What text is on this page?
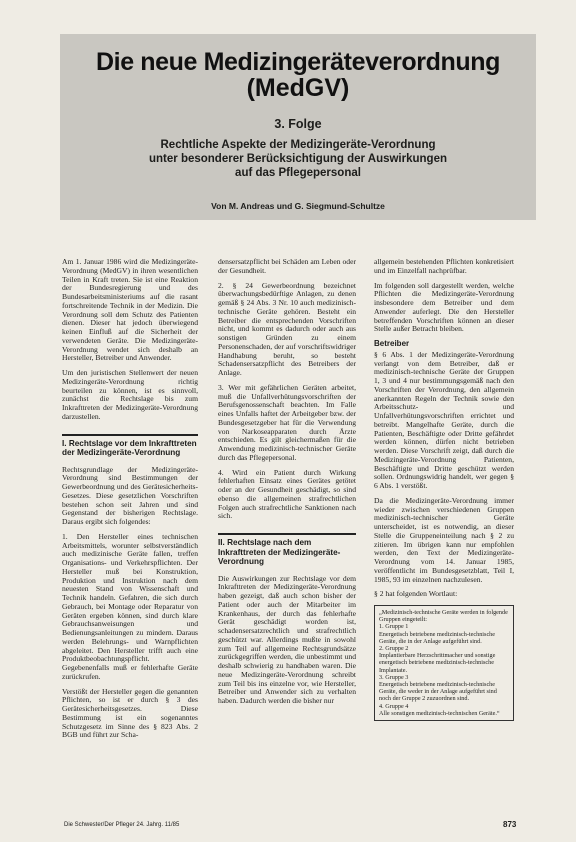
Die neue Medizingeräteverordnung
(MedGV)
3. Folge
Rechtliche Aspekte der Medizingeräte-Verordnung
unter besonderer Berücksichtigung der Auswirkungen
auf das Pflegepersonal
Von M. Andreas und G. Siegmund-Schultze

Am 1. Januar 1986 wird die Medizingeräte-Verordnung (MedGV) in ihren wesentlichen Teilen in Kraft treten. Sie ist eine Reaktion der Bundesregierung und des Bundesarbeitsministeriums auf die rasant fortschreitende Technik in der Medizin. Die Verordnung soll dem Schutz des Patienten dienen. Dieser hat jedoch überwiegend keinen Einfluß auf die Sicherheit der verwendeten Geräte. Die Medizingeräte-Verordnung wendet sich deshalb an Hersteller, Betreiber und Anwender.

Um den juristischen Stellenwert der neuen Medizingeräte-Verordnung richtig beurteilen zu können, ist es sinnvoll, zunächst die Rechtslage bis zum Inkrafttreten der Medizingeräte-Verordnung darzustellen.

I. Rechtslage vor dem Inkrafttreten der Medizingeräte-Verordnung

Rechtsgrundlage der Medizingeräte-Verordnung sind Bestimmungen der Gewerbeordnung und des Gerätesicherheits-Gesetzes. Diese gesetzlichen Vorschriften bestehen schon seit Jahren und sind Gegenstand der bisherigen Rechtslage. Daraus ergibt sich folgendes:

1. Den Hersteller eines technischen Arbeitsmittels, worunter selbstverständlich auch medizinische Geräte fallen, treffen Organisations- und Verkehrspflichten. Der Hersteller muß bei Konstruktion, Produktion und Instruktion nach dem neuesten Stand von Wissenschaft und Technik handeln. Gefahren, die sich durch Gebrauch, bei Montage oder Reparatur von Geräten ergeben können, sind durch klare Gebrauchsanweisungen und Bedienungsanleitungen zu mindern. Daraus werden Belehrungs- und Warnpflichten abgeleitet. Den Hersteller trifft auch eine Produktbeobachtungspflicht. Gegebenenfalls muß er fehlerhafte Geräte zurückrufen.

Verstößt der Hersteller gegen die genannten Pflichten, so ist er durch § 3 des Gerätesicherheitsgesetzes. Diese Bestimmung ist ein sogenanntes Schutzgesetz im Sinne des § 823 Abs. 2 BGB und führt zur Scha-

densersatzpflicht bei Schäden am Leben oder der Gesundheit.

2. § 24 Gewerbeordnung bezeichnet überwachungsbedürftige Anlagen, zu denen gemäß § 24 Abs. 3 Nr. 10 auch medizinisch-technische Geräte gehören. Besteht ein Betreiber die entsprechenden Vorschriften nicht, und kommt es dadurch oder auch aus sonstigen Gründen zu einem Personenschaden, der auf vorschriftswidriger Handhabung beruht, so besteht Schadensersatzpflicht des Betreibers der Anlage.

3. Wer mit gefährlichen Geräten arbeitet, muß die Unfallverhütungsvorschriften der Berufsgenossenschaft beachten. Im Falle eines Unfalls haftet der Arbeitgeber bzw. der Bundesgesetzgeber hat für die Verwendung von Narkoseapparaten durch Ärzte entschieden. Es gilt gleichermaßen für die Anwendung medizinisch-technischer Geräte durch das Pflegepersonal.

4. Wird ein Patient durch Wirkung fehlerhaften Einsatz eines Gerätes getötet oder an der Gesundheit geschädigt, so sind ebenso die allgemeinen strafrechtlichen Folgen auch strafrechtliche Sanktionen nach sich.

II. Rechtslage nach dem Inkrafttreten der Medizingeräte-Verordnung

Die Auswirkungen zur Rechtslage vor dem Inkrafttreten der Medizingeräte-Verordnung haben gezeigt, daß auch schon bisher der Patient oder auch der Mitarbeiter im Krankenhaus, der durch das fehlerhafte Gerät geschädigt worden ist, schadensersatzrechtlich und strafrechtlich geschützt war. Allerdings mußte in sowohl zum Teil auf allgemeine Rechtsgrundsätze zurückgegriffen werden, die unbestimmt und deshalb schwierig zu handhaben waren. Die neue Medizingeräte-Verordnung schreibt zum Teil bis ins einzelne vor, wie Hersteller, Betreiber und Anwender sich zu verhalten haben. Dadurch werden die bisher nur

allgemein bestehenden Pflichten konkretisiert und im Einzelfall nachprüfbar.

Im folgenden soll dargestellt werden, welche Pflichten die Medizingeräte-Verordnung insbesondere dem Betreiber und dem Anwender auferlegt. Die den Hersteller betreffenden Vorschriften können an dieser Stelle außer Betracht bleiben.

Betreiber

§ 6 Abs. 1 der Medizingeräte-Verordnung verlangt von dem Betreiber, daß er medizinisch-technische Geräte der Gruppen 1, 3 und 4 nur bestimmungsgemäß nach den Vorschriften der Verordnung, den allgemein anerkannten Regeln der Technik sowie den Arbeitsschutz- und Unfallverhütungsvorschriften errichtet und betreibt. Mangelhafte Geräte, durch die Patienten, Beschäftigte oder Dritte gefährdet werden können, dürfen nicht betrieben werden. Diese Vorschrift zeigt, daß durch die Medizingeräte-Verordnung Patienten, Beschäftigte und Dritte geschützt werden sollen. Ordnungswidrig handelt, wer gegen § 6 Abs. 1 verstößt.

Da die Medizingeräte-Verordnung immer wieder zwischen verschiedenen Gruppen medizinisch-technischer Geräte unterscheidet, ist es notwendig, an dieser Stelle die Gruppeneinteilung nach § 2 zu zitieren. Im übrigen kann nur empfohlen werden, den Text der Medizingeräte-Verordnung vom 14. Januar 1985, veröffentlicht im Bundesgesetzblatt, Teil I, 1985, 93 im einzelnen nachzulesen.

§ 2 hat folgenden Wortlaut:

„Medizinisch-technische Geräte werden in folgende Gruppen eingeteilt:
1. Gruppe 1
Energetisch betriebene medizinisch-technische Geräte, die in der Anlage aufgeführt sind.
2. Gruppe 2
Implantierbare Herzschrittmacher und sonstige energetisch betriebene medizinisch-technische Implantate.
3. Gruppe 3
Energetisch betriebene medizinisch-technische Geräte, die weder in der Anlage aufgeführt sind noch der Gruppe 2 zuzuordnen sind.
4. Gruppe 4
Alle sonstigen medizinisch-technischen Geräte.“
Die Schwester/Der Pfleger 24. Jahrg. 11/85	873
